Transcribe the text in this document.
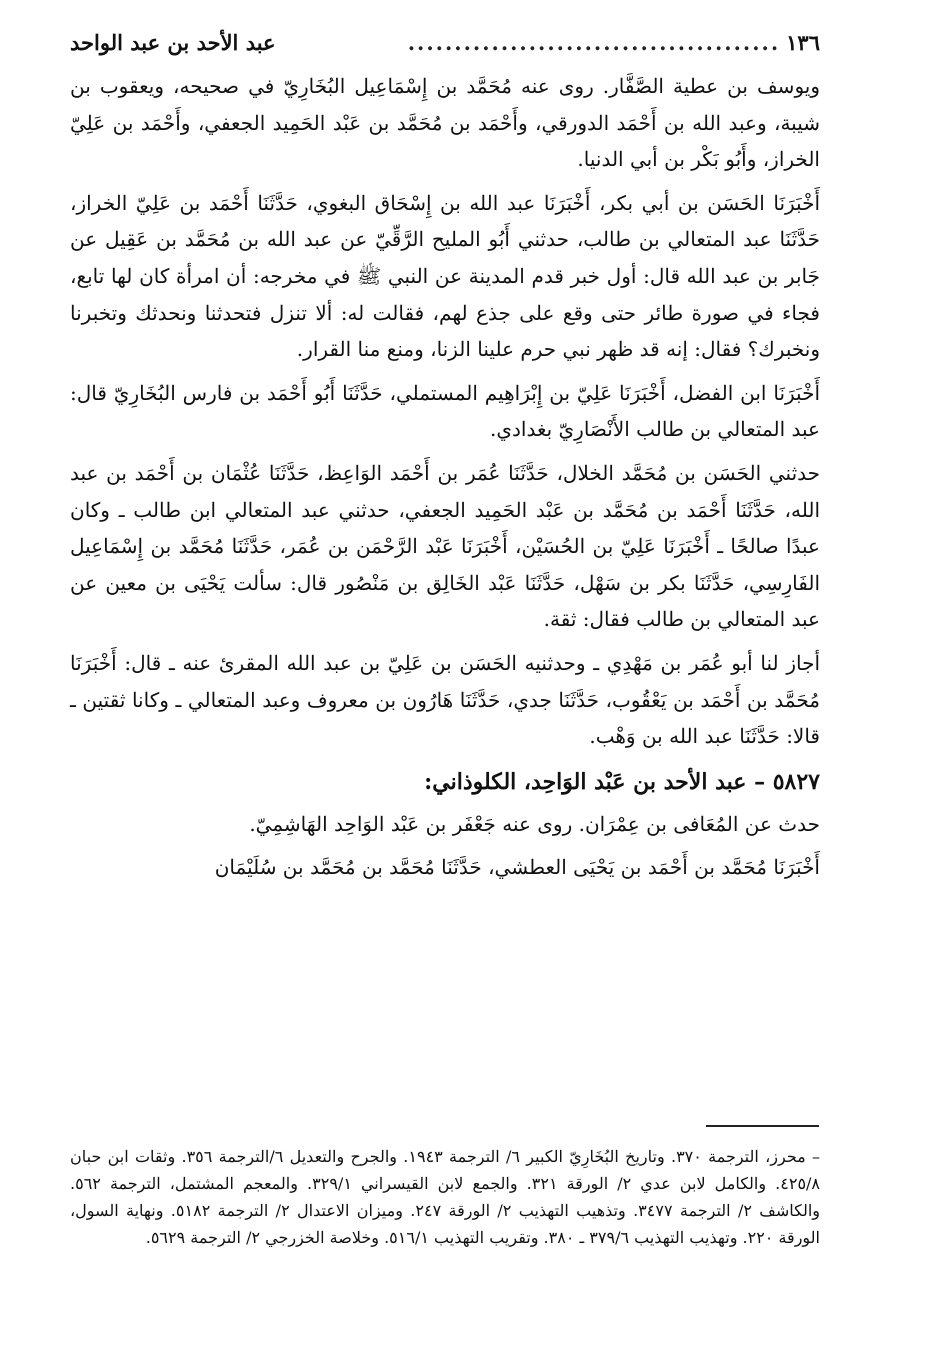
١٣٦
........................................
عبد الأحد بن عبد الواحد

ويوسف بن عطية الصَّفَّار. روى عنه مُحَمَّد بن إِسْمَاعِيل البُخَارِيّ في صحيحه، ويعقوب بن شيبة، وعبد الله بن أَحْمَد الدورقي، وأَحْمَد بن مُحَمَّد بن عَبْد الحَمِيد الجعفي، وأَحْمَد بن عَلِيّ الخراز، وأَبُو بَكْر بن أبي الدنيا.

أَخْبَرَنَا الحَسَن بن أبي بكر، أَخْبَرَنَا عبد الله بن إِسْحَاق البغوي، حَدَّثَنَا أَحْمَد بن عَلِيّ الخراز، حَدَّثَنَا عبد المتعالي بن طالب، حدثني أَبُو المليح الرَّقِّيّ عن عبد الله بن مُحَمَّد بن عَقِيل عن جَابر بن عبد الله قال: أول خبر قدم المدينة عن النبي ﷺ في مخرجه: أن امرأة كان لها تابع، فجاء في صورة طائر حتى وقع على جذع لهم، فقالت له: ألا تنزل فتحدثنا ونحدثك وتخبرنا ونخبرك؟ فقال: إنه قد ظهر نبي حرم علينا الزنا، ومنع منا القرار.

أَخْبَرَنَا ابن الفضل، أَخْبَرَنَا عَلِيّ بن إِبْرَاهِيم المستملي، حَدَّثَنَا أَبُو أَحْمَد بن فارس البُخَارِيّ قال: عبد المتعالي بن طالب الأَنْصَارِيّ بغدادي.

حدثني الحَسَن بن مُحَمَّد الخلال، حَدَّثَنَا عُمَر بن أَحْمَد الوَاعِظ، حَدَّثَنَا عُثْمَان بن أَحْمَد بن عبد الله، حَدَّثَنَا أَحْمَد بن مُحَمَّد بن عَبْد الحَمِيد الجعفي، حدثني عبد المتعالي ابن طالب ـ وكان عبدًا صالحًا ـ أَخْبَرَنَا عَلِيّ بن الحُسَيْن، أَخْبَرَنَا عَبْد الرَّحْمَن بن عُمَر، حَدَّثَنَا مُحَمَّد بن إِسْمَاعِيل الفَارِسِي، حَدَّثَنَا بكر بن سَهْل، حَدَّثَنَا عَبْد الخَالِق بن مَنْصُور قال: سألت يَحْيَى بن معين عن عبد المتعالي بن طالب فقال: ثقة.

أجاز لنا أبو عُمَر بن مَهْدِي ـ وحدثنيه الحَسَن بن عَلِيّ بن عبد الله المقرئ عنه ـ قال: أَخْبَرَنَا مُحَمَّد بن أَحْمَد بن يَعْقُوب، حَدَّثَنَا جدي، حَدَّثَنَا هَارُون بن معروف وعبد المتعالي ـ وكانا ثقتين ـ قالا: حَدَّثَنَا عبد الله بن وَهْب.

٥٨٢٧ – عبد الأحد بن عَبْد الوَاحِد، الكلوذاني:

حدث عن المُعَافى بن عِمْرَان. روى عنه جَعْفَر بن عَبْد الوَاحِد الهَاشِمِيّ.

أَخْبَرَنَا مُحَمَّد بن أَحْمَد بن يَحْيَى العطشي، حَدَّثَنَا مُحَمَّد بن مُحَمَّد بن سُلَيْمَان

– محرز، الترجمة ٣٧٠. وتاريخ البُخَارِيّ الكبير ٦/ الترجمة ١٩٤٣. والجرح والتعديل ٦/الترجمة ٣٥٦. وثقات ابن حبان ٤٢٥/٨. والكامل لابن عدي ٢/ الورقة ٣٢١. والجمع لابن القيسراني ٣٢٩/١. والمعجم المشتمل، الترجمة ٥٦٢. والكاشف ٢/ الترجمة ٣٤٧٧. وتذهيب التهذيب ٢/ الورقة ٢٤٧. وميزان الاعتدال ٢/ الترجمة ٥١٨٢. ونهاية السول، الورقة ٢٢٠. وتهذيب التهذيب ٣٧٩/٦ ـ ٣٨٠. وتقريب التهذيب ٥١٦/١. وخلاصة الخزرجي ٢/ الترجمة ٥٦٢٩.
